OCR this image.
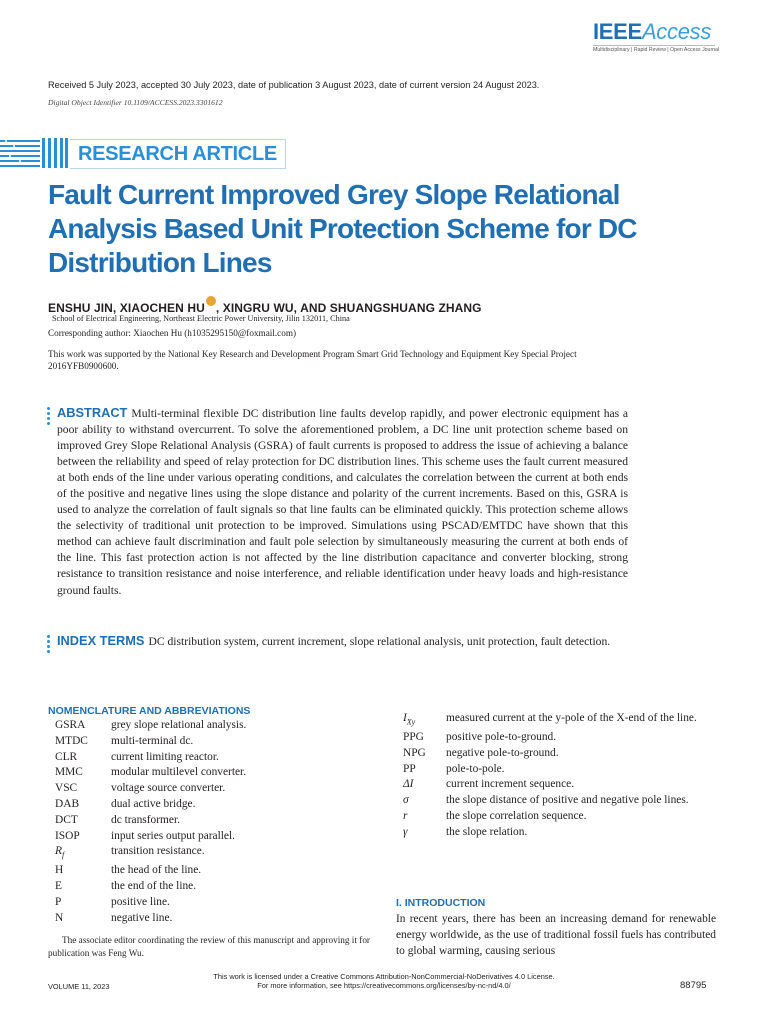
IEEEAccess
Multidisciplinary | Rapid Review | Open Access Journal
Received 5 July 2023, accepted 30 July 2023, date of publication 3 August 2023, date of current version 24 August 2023.
Digital Object Identifier 10.1109/ACCESS.2023.3301612
RESEARCH ARTICLE
Fault Current Improved Grey Slope Relational Analysis Based Unit Protection Scheme for DC Distribution Lines
ENSHU JIN, XIAOCHEN HU , XINGRU WU, AND SHUANGSHUANG ZHANG
School of Electrical Engineering, Northeast Electric Power University, Jilin 132011, China
Corresponding author: Xiaochen Hu (h1035295150@foxmail.com)
This work was supported by the National Key Research and Development Program Smart Grid Technology and Equipment Key Special Project 2016YFB0900600.
ABSTRACT Multi-terminal flexible DC distribution line faults develop rapidly, and power electronic equipment has a poor ability to withstand overcurrent. To solve the aforementioned problem, a DC line unit protection scheme based on improved Grey Slope Relational Analysis (GSRA) of fault currents is proposed to address the issue of achieving a balance between the reliability and speed of relay protection for DC distribution lines. This scheme uses the fault current measured at both ends of the line under various operating conditions, and calculates the correlation between the current at both ends of the positive and negative lines using the slope distance and polarity of the current increments. Based on this, GSRA is used to analyze the correlation of fault signals so that line faults can be eliminated quickly. This protection scheme allows the selectivity of traditional unit protection to be improved. Simulations using PSCAD/EMTDC have shown that this method can achieve fault discrimination and fault pole selection by simultaneously measuring the current at both ends of the line. This fast protection action is not affected by the line distribution capacitance and converter blocking, strong resistance to transition resistance and noise interference, and reliable identification under heavy loads and high-resistance ground faults.
INDEX TERMS DC distribution system, current increment, slope relational analysis, unit protection, fault detection.
NOMENCLATURE AND ABBREVIATIONS
GSRA	grey slope relational analysis.
MTDC	multi-terminal dc.
CLR	current limiting reactor.
MMC	modular multilevel converter.
VSC	voltage source converter.
DAB	dual active bridge.
DCT	dc transformer.
ISOP	input series output parallel.
$R_f$	transition resistance.
H	the head of the line.
E	the end of the line.
P	positive line.
N	negative line.
$I_{Xy}$	measured current at the y-pole of the X-end of the line.
PPG	positive pole-to-ground.
NPG	negative pole-to-ground.
PP	pole-to-pole.
ΔI	current increment sequence.
σ	the slope distance of positive and negative pole lines.
r	the slope correlation sequence.
γ	the slope relation.
The associate editor coordinating the review of this manuscript and approving it for publication was Feng Wu.
I. INTRODUCTION
In recent years, there has been an increasing demand for renewable energy worldwide, as the use of traditional fossil fuels has contributed to global warming, causing serious
This work is licensed under a Creative Commons Attribution-NonCommercial-NoDerivatives 4.0 License.
For more information, see https://creativecommons.org/licenses/by-nc-nd/4.0/
VOLUME 11, 2023	88795
